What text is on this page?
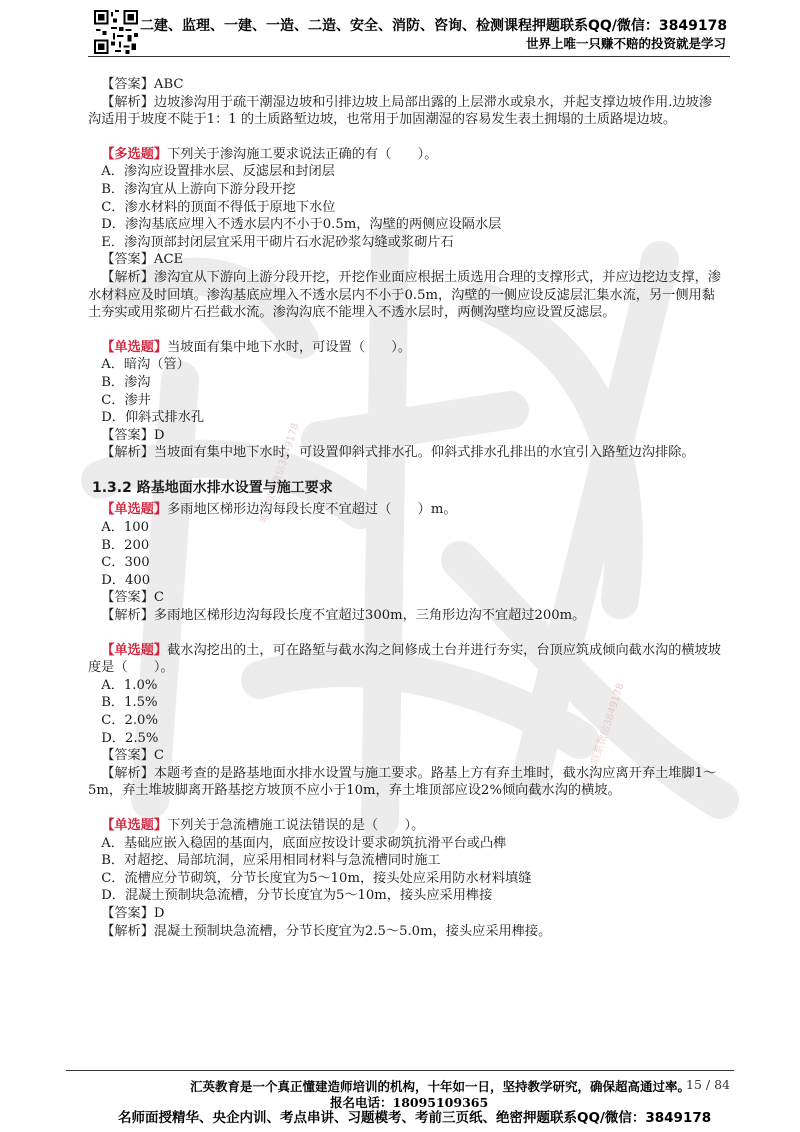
唯一联系微信3849178
唯一联系微信3849178
二建、监理、一建、一造、二造、安全、消防、咨询、检测课程押题联系QQ/微信：3849178
世界上唯一只赚不赔的投资就是学习

【答案】ABC

【解析】边坡渗沟用于疏干潮湿边坡和引排边坡上局部出露的上层滞水或泉水，并起支撑边坡作用.边坡渗沟适用于坡度不陡于1：1 的土质路堑边坡，也常用于加固潮湿的容易发生表土拥塌的土质路堤边坡。

【多选题】下列关于渗沟施工要求说法正确的有（　　）。

A．渗沟应设置排水层、反滤层和封闭层

B．渗沟宜从上游向下游分段开挖

C．渗水材料的顶面不得低于原地下水位

D．渗沟基底应埋入不透水层内不小于0.5m，沟壁的两侧应设隔水层

E．渗沟顶部封闭层宜采用干砌片石水泥砂浆勾缝或浆砌片石

【答案】ACE

【解析】渗沟宜从下游向上游分段开挖，开挖作业面应根据土质选用合理的支撑形式，并应边挖边支撑，渗水材料应及时回填。渗沟基底应埋入不透水层内不小于0.5m，沟壁的一侧应设反滤层汇集水流，另一侧用黏土夯实或用浆砌片石拦截水流。渗沟沟底不能埋入不透水层时，两侧沟壁均应设置反滤层。

【单选题】当坡面有集中地下水时，可设置（　　）。

A．暗沟（管）

B．渗沟

C．渗井

D．仰斜式排水孔

【答案】D

【解析】当坡面有集中地下水时，可设置仰斜式排水孔。仰斜式排水孔排出的水宜引入路堑边沟排除。

1.3.2 路基地面水排水设置与施工要求

【单选题】多雨地区梯形边沟每段长度不宜超过（　　）m。

A．100

B．200

C．300

D．400

【答案】C

【解析】多雨地区梯形边沟每段长度不宜超过300m，三角形边沟不宜超过200m。

【单选题】截水沟挖出的土，可在路堑与截水沟之间修成土台并进行夯实，台顶应筑成倾向截水沟的横坡坡度是（　　）。

A．1.0%

B．1.5%

C．2.0%

D．2.5%

【答案】C

【解析】本题考查的是路基地面水排水设置与施工要求。路基上方有弃土堆时，截水沟应离开弃土堆脚1～5m，弃土堆坡脚离开路基挖方坡顶不应小于10m，弃土堆顶部应设2%倾向截水沟的横坡。

【单选题】下列关于急流槽施工说法错误的是（　　）。

A．基础应嵌入稳固的基面内，底面应按设计要求砌筑抗滑平台或凸榫

B．对超挖、局部坑洞，应采用相同材料与急流槽同时施工

C．流槽应分节砌筑，分节长度宜为5～10m，接头处应采用防水材料填缝

D．混凝土预制块急流槽，分节长度宜为5～10m，接头应采用榫接

【答案】D

【解析】混凝土预制块急流槽，分节长度宜为2.5～5.0m，接头应采用榫接。

汇英教育是一个真正懂建造师培训的机构，十年如一日，坚持教学研究，确保超高通过率。
15 / 84
报名电话：18095109365
名师面授精华、央企内训、考点串讲、习题模考、考前三页纸、绝密押题联系QQ/微信：3849178
